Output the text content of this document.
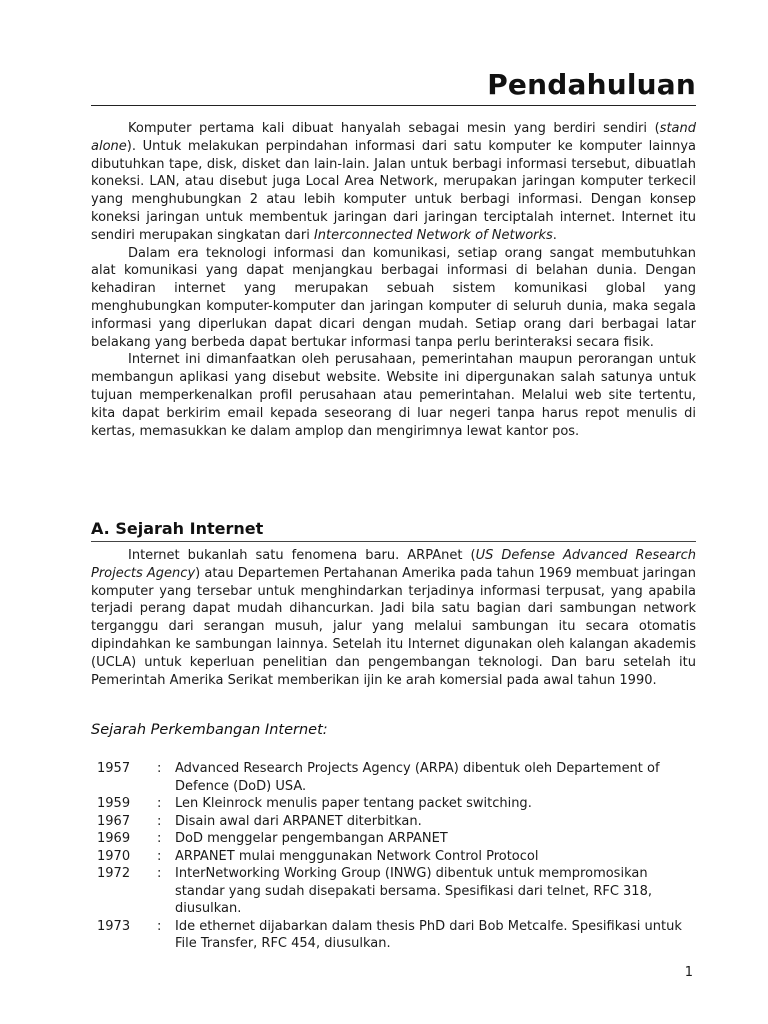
Pendahuluan

Komputer pertama kali dibuat hanyalah sebagai mesin yang berdiri sendiri (stand alone). Untuk melakukan perpindahan informasi dari satu komputer ke komputer lainnya dibutuhkan tape, disk, disket dan lain-lain. Jalan untuk berbagi informasi tersebut, dibuatlah koneksi. LAN, atau disebut juga Local Area Network, merupakan jaringan komputer terkecil yang menghubungkan 2 atau lebih komputer untuk berbagi informasi. Dengan konsep koneksi jaringan untuk membentuk jaringan dari jaringan terciptalah internet. Internet itu sendiri merupakan singkatan dari Interconnected Network of Networks.

Dalam era teknologi informasi dan komunikasi, setiap orang sangat membutuhkan alat komunikasi yang dapat menjangkau berbagai informasi di belahan dunia. Dengan kehadiran internet yang merupakan sebuah sistem komunikasi global yang menghubungkan komputer-komputer dan jaringan komputer di seluruh dunia, maka segala informasi yang diperlukan dapat dicari dengan mudah. Setiap orang dari berbagai latar belakang yang berbeda dapat bertukar informasi tanpa perlu berinteraksi secara fisik.

Internet ini dimanfaatkan oleh perusahaan, pemerintahan maupun perorangan untuk membangun aplikasi yang disebut website. Website ini dipergunakan salah satunya untuk tujuan memperkenalkan profil perusahaan atau pemerintahan. Melalui web site tertentu, kita dapat berkirim email kepada seseorang di luar negeri tanpa harus repot menulis di kertas, memasukkan ke dalam amplop dan mengirimnya lewat kantor pos.

A. Sejarah Internet

Internet bukanlah satu fenomena baru. ARPAnet (US Defense Advanced Research Projects Agency) atau Departemen Pertahanan Amerika pada tahun 1969 membuat jaringan komputer yang tersebar untuk menghindarkan terjadinya informasi terpusat, yang apabila terjadi perang dapat mudah dihancurkan. Jadi bila satu bagian dari sambungan network terganggu dari serangan musuh, jalur yang melalui sambungan itu secara otomatis dipindahkan ke sambungan lainnya. Setelah itu Internet digunakan oleh kalangan akademis (UCLA) untuk keperluan penelitian dan pengembangan teknologi. Dan baru setelah itu Pemerintah Amerika Serikat memberikan ijin ke arah komersial pada awal tahun 1990.

Sejarah Perkembangan Internet:
1957	:	Advanced Research Projects Agency (ARPA) dibentuk oleh Departement of Defence (DoD) USA.
1959	:	Len Kleinrock menulis paper tentang packet switching.
1967	:	Disain awal dari ARPANET diterbitkan.
1969	:	DoD menggelar pengembangan ARPANET
1970	:	ARPANET mulai menggunakan Network Control Protocol
1972	:	InterNetworking Working Group (INWG) dibentuk untuk mempromosikan standar yang sudah disepakati bersama. Spesifikasi dari telnet, RFC 318, diusulkan.
1973	:	Ide ethernet dijabarkan dalam thesis PhD dari Bob Metcalfe. Spesifikasi untuk File Transfer, RFC 454, diusulkan.
1
